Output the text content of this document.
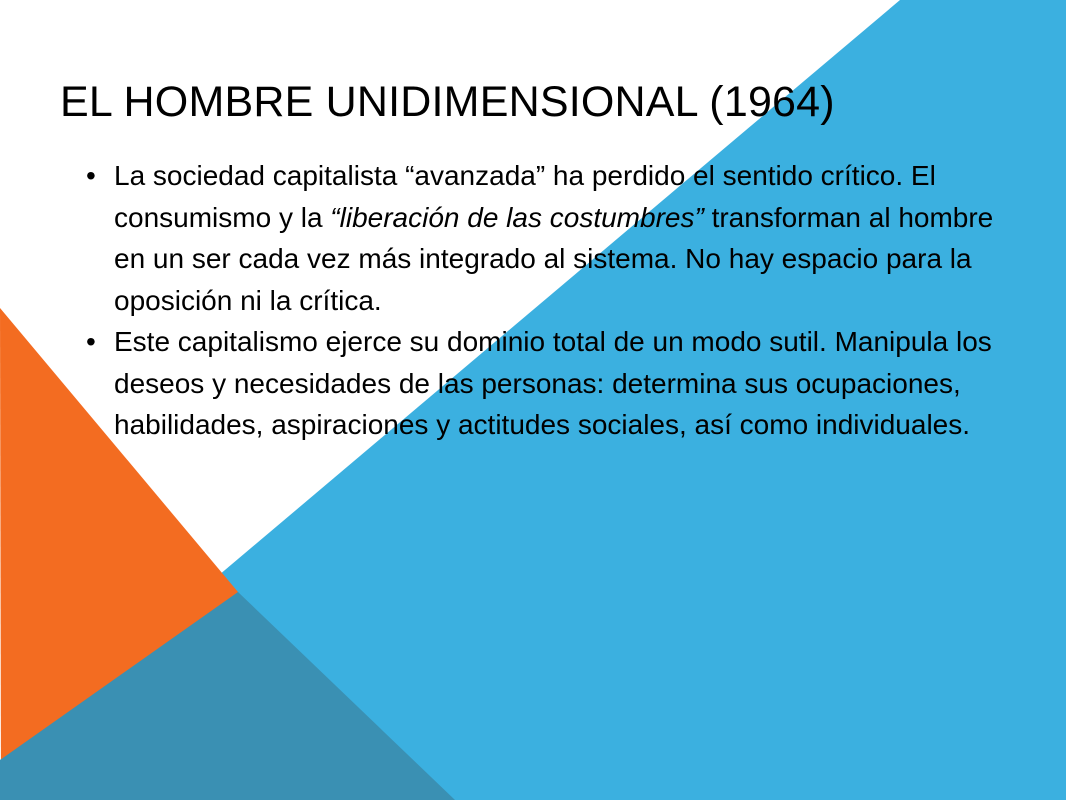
EL HOMBRE UNIDIMENSIONAL (1964)
• La sociedad capitalista “avanzada” ha perdido el sentido crítico. El consumismo y la “liberación de las costumbres” transforman al hombre en un ser cada vez más integrado al sistema. No hay espacio para la oposición ni la crítica.
• Este capitalismo ejerce su dominio total de un modo sutil. Manipula los deseos y necesidades de las personas: determina sus ocupaciones, habilidades, aspiraciones y actitudes sociales, así como individuales.
